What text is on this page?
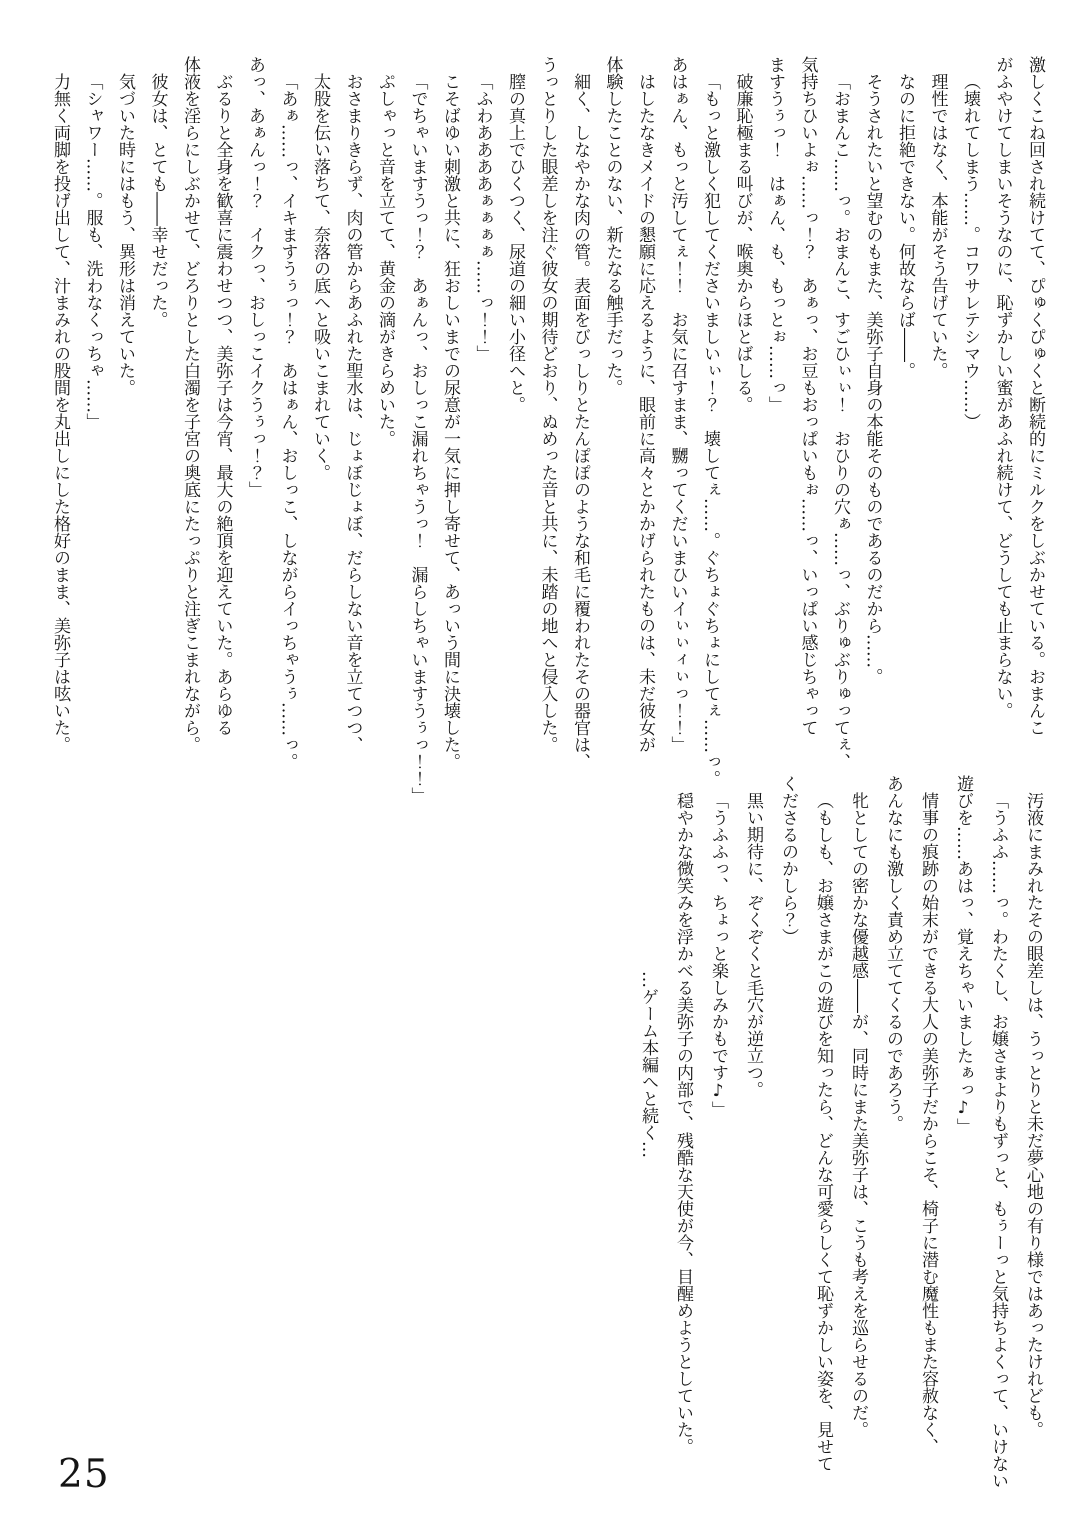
激しくこね回され続けてて、ぴゅくぴゅくと断続的にミルクをしぶかせている。おまんこ

がふやけてしまいそうなのに、恥ずかしい蜜があふれ続けて、どうしても止まらない。

（壊れてしまう……。コワサレテシマウ……）

理性ではなく、本能がそう告げていた。

なのに拒絶できない。何故ならば――。

そうされたいと望むのもまた、美弥子自身の本能そのものであるのだから……。

「おまんこ……っ。おまんこ、すごひぃぃ！　おひりの穴ぁ……っ、ぶりゅぶりゅってぇ、

気持ちひいよぉ……っ！？　あぁっ、お豆もおっぱいもぉ……っ、いっぱい感じちゃって

ますうぅっ！　はぁん、も、もっとぉ……っ」

破廉恥極まる叫びが、喉奥からほとばしる。

「もっと激しく犯してくださいましいぃ！？　壊してぇ……。ぐちょぐちょにしてぇ……っ。

あはぁん、もっと汚してぇ！！　お気に召すまま、嬲ってくだいまひいイぃぃィぃっ！！」

はしたなきメイドの懇願に応えるように、眼前に高々とかかげられたものは、未だ彼女が

体験したことのない、新たなる触手だった。

細く、しなやかな肉の管。表面をびっしりとたんぽぽのような和毛に覆われたその器官は、

うっとりした眼差しを注ぐ彼女の期待どおり、ぬめった音と共に、未踏の地へと侵入した。

膣の真上でひくつく、尿道の細い小径へと。

「ふわああああぁぁぁぁ……っ！！」

こそばゆい刺激と共に、狂おしいまでの尿意が一気に押し寄せて、あっいう間に決壊した。

「でちゃいますうっ！？　あぁんっ、おしっこ漏れちゃうっ！　漏らしちゃいますうぅっ！！」

ぷしゃっと音を立てて、黄金の滴がきらめいた。

おさまりきらず、肉の管からあふれた聖水は、じょぼじょぼ、だらしない音を立てつつ、

太股を伝い落ちて、奈落の底へと吸いこまれていく。

「あぁ……っ、イキますうぅっ！？　あはぁん、おしっこ、しながらイっちゃうぅ……っ。

あっ、あぁんっ！？　イクっ、おしっこイクうぅっ！？」

ぶるりと全身を歓喜に震わせつつ、美弥子は今宵、最大の絶頂を迎えていた。あらゆる

体液を淫らにしぶかせて、どろりとした白濁を子宮の奥底にたっぷりと注ぎこまれながら。

彼女は、とても――幸せだった。

気づいた時にはもう、異形は消えていた。

「シャワー……。服も、洗わなくっちゃ……」

力無く両脚を投げ出して、汁まみれの股間を丸出しにした格好のまま、美弥子は呟いた。

汚液にまみれたその眼差しは、うっとりと未だ夢心地の有り様ではあったけれども。

「うふふ……っ。わたくし、お嬢さまよりもずっと、もぅーっと気持ちよくって、いけない

遊びを……あはっ、覚えちゃいましたぁっ♪」

情事の痕跡の始末ができる大人の美弥子だからこそ、椅子に潜む魔性もまた容赦なく、

あんなにも激しく責め立ててくるのであろう。

牝としての密かな優越感――が、同時にまた美弥子は、こうも考えを巡らせるのだ。

（もしも、お嬢さまがこの遊びを知ったら、どんな可愛らしくて恥ずかしい姿を、見せて

くださるのかしら？）

黒い期待に、ぞくぞくと毛穴が逆立つ。

「うふふっ、ちょっと楽しみかもです♪」

穏やかな微笑みを浮かべる美弥子の内部で、残酷な天使が今、目醒めようとしていた。

…ゲーム本編へと続く…

25
